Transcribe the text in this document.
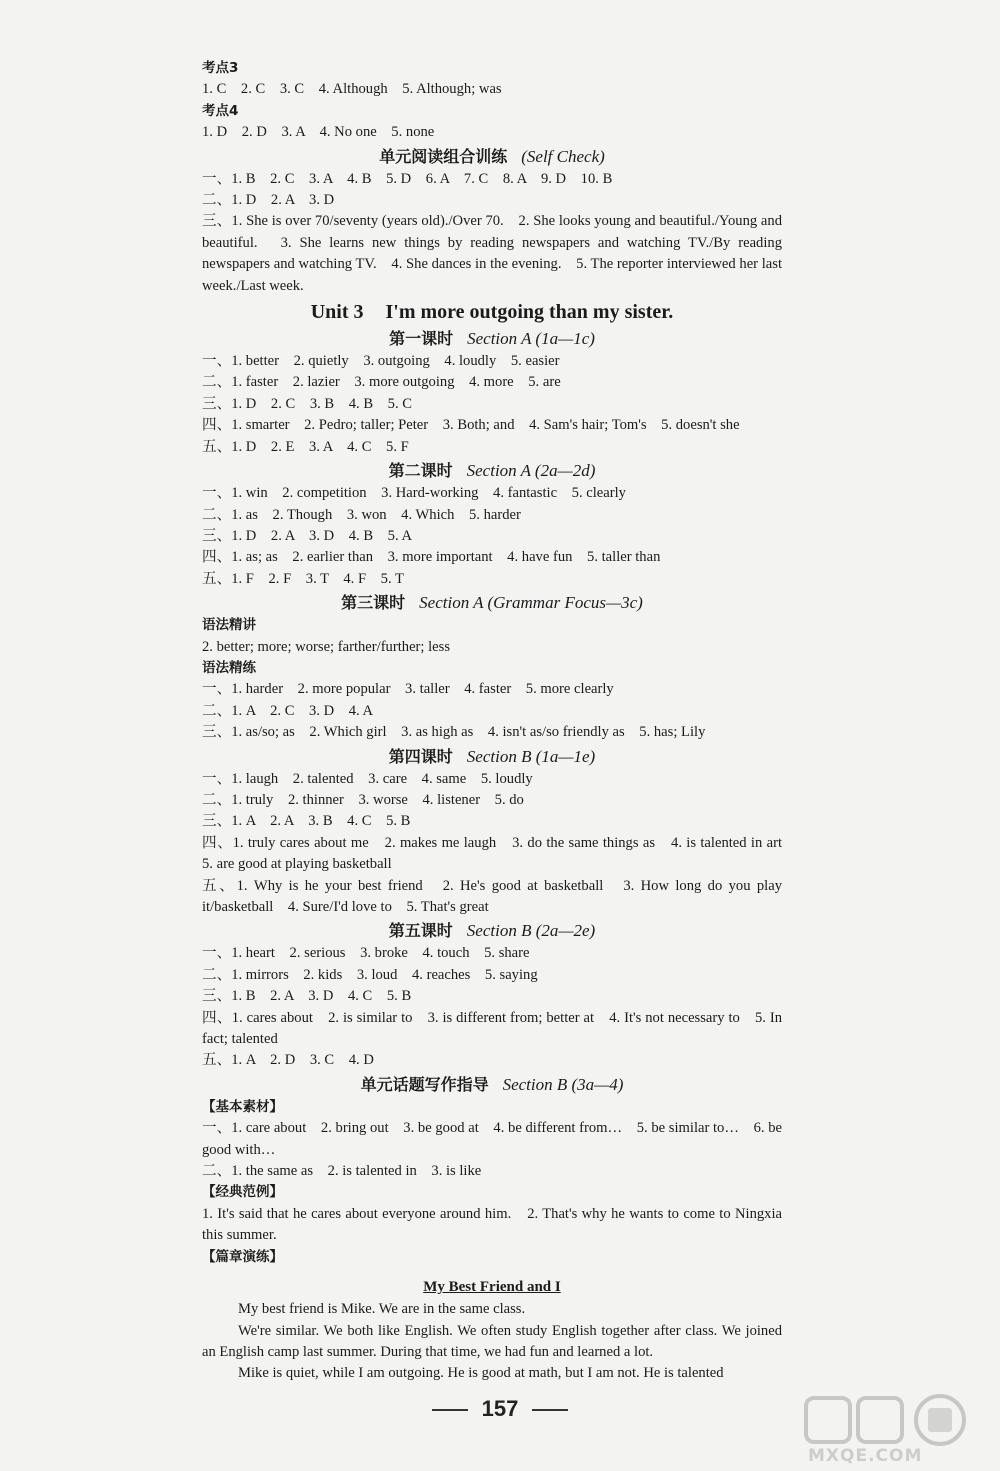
考点3
1. C　2. C　3. C　4. Although　5. Although; was
考点4
1. D　2. D　3. A　4. No one　5. none
单元阅读组合训练 (Self Check)
一、1. B　2. C　3. A　4. B　5. D　6. A　7. C　8. A　9. D　10. B
二、1. D　2. A　3. D
三、1. She is over 70/seventy (years old)./Over 70.　2. She looks young and beautiful./Young and beautiful.　3. She learns new things by reading newspapers and watching TV./By reading newspapers and watching TV.　4. She dances in the evening.　5. The reporter interviewed her last week./Last week.
Unit 3 I'm more outgoing than my sister.
第一课时 Section A (1a—1c)
一、1. better　2. quietly　3. outgoing　4. loudly　5. easier
二、1. faster　2. lazier　3. more outgoing　4. more　5. are
三、1. D　2. C　3. B　4. B　5. C
四、1. smarter　2. Pedro; taller; Peter　3. Both; and　4. Sam's hair; Tom's　5. doesn't she
五、1. D　2. E　3. A　4. C　5. F
第二课时 Section A (2a—2d)
一、1. win　2. competition　3. Hard-working　4. fantastic　5. clearly
二、1. as　2. Though　3. won　4. Which　5. harder
三、1. D　2. A　3. D　4. B　5. A
四、1. as; as　2. earlier than　3. more important　4. have fun　5. taller than
五、1. F　2. F　3. T　4. F　5. T
第三课时 Section A (Grammar Focus—3c)
语法精讲
2. better; more; worse; farther/further; less
语法精练
一、1. harder　2. more popular　3. taller　4. faster　5. more clearly
二、1. A　2. C　3. D　4. A
三、1. as/so; as　2. Which girl　3. as high as　4. isn't as/so friendly as　5. has; Lily
第四课时 Section B (1a—1e)
一、1. laugh　2. talented　3. care　4. same　5. loudly
二、1. truly　2. thinner　3. worse　4. listener　5. do
三、1. A　2. A　3. B　4. C　5. B
四、1. truly cares about me　2. makes me laugh　3. do the same things as　4. is talented in art　5. are good at playing basketball
五、1. Why is he your best friend　2. He's good at basketball　3. How long do you play it/basketball　4. Sure/I'd love to　5. That's great
第五课时 Section B (2a—2e)
一、1. heart　2. serious　3. broke　4. touch　5. share
二、1. mirrors　2. kids　3. loud　4. reaches　5. saying
三、1. B　2. A　3. D　4. C　5. B
四、1. cares about　2. is similar to　3. is different from; better at　4. It's not necessary to　5. In fact; talented
五、1. A　2. D　3. C　4. D
单元话题写作指导 Section B (3a—4)
【基本素材】
一、1. care about　2. bring out　3. be good at　4. be different from…　5. be similar to…　6. be good with…
二、1. the same as　2. is talented in　3. is like
【经典范例】
1. It's said that he cares about everyone around him.　2. That's why he wants to come to Ningxia this summer.
【篇章演练】
My Best Friend and I
My best friend is Mike. We are in the same class.
We're similar. We both like English. We often study English together after class. We joined an English camp last summer. During that time, we had fun and learned a lot.
Mike is quiet, while I am outgoing. He is good at math, but I am not. He is talented
157
MXQE.COM
